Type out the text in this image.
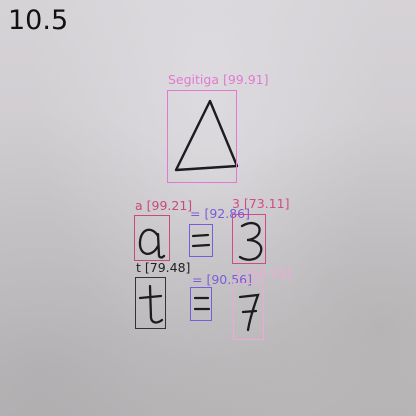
10.5
Segitiga [99.91]
a [99.21]
= [92.86]
3 [73.11]
t [79.48]
= [90.56]
7 [50.23]
